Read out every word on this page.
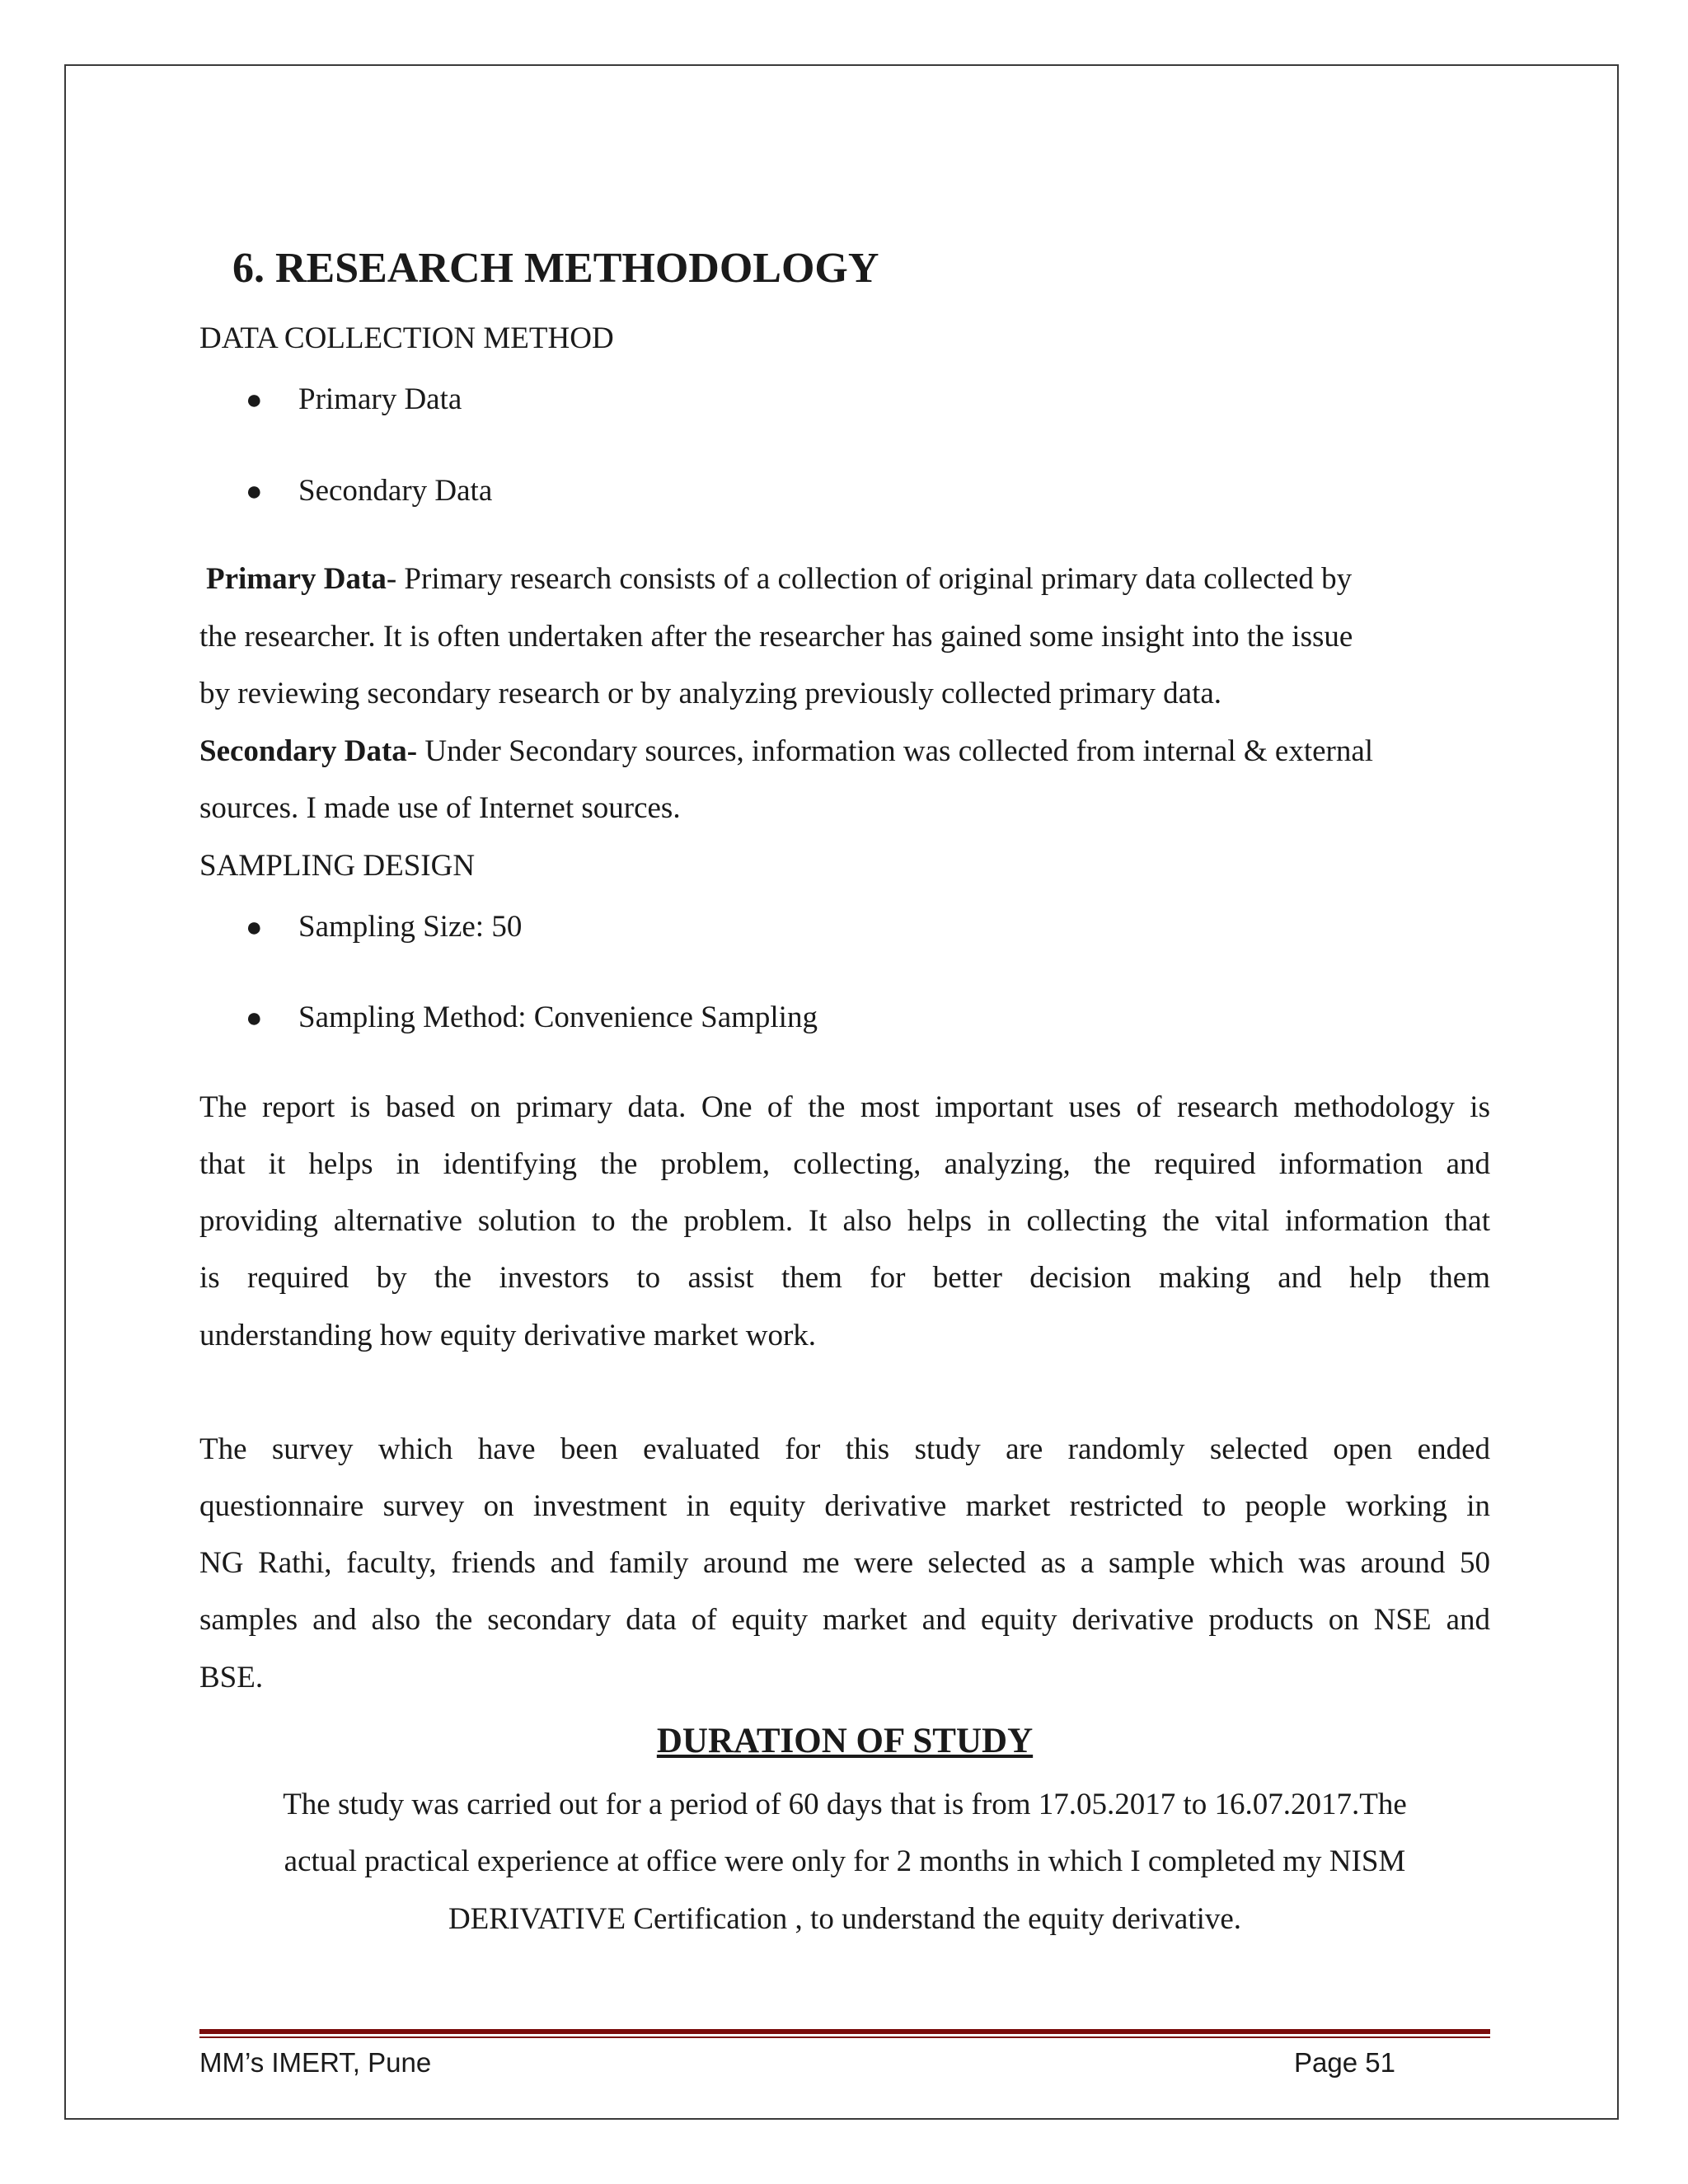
6. RESEARCH METHODOLOGY
DATA COLLECTION METHOD
● Primary Data
● Secondary Data
Primary Data- Primary research consists of a collection of original primary data collected by
the researcher. It is often undertaken after the researcher has gained some insight into the issue
by reviewing secondary research or by analyzing previously collected primary data.
Secondary Data- Under Secondary sources, information was collected from internal & external
sources. I made use of Internet sources.
SAMPLING DESIGN
● Sampling Size: 50
● Sampling Method: Convenience Sampling
The report is based on primary data. One of the most important uses of research methodology is
that it helps in identifying the problem, collecting, analyzing, the required information and
providing alternative solution to the problem. It also helps in collecting the vital information that
is required by the investors to assist them for better decision making and help them
understanding how equity derivative market work.
The survey which have been evaluated for this study are randomly selected open ended
questionnaire survey on investment in equity derivative market restricted to people working in
NG Rathi, faculty, friends and family around me were selected as a sample which was around 50
samples and also the secondary data of equity market and equity derivative products on NSE and
BSE.
DURATION OF STUDY
The study was carried out for a period of 60 days that is from 17.05.2017 to 16.07.2017.The
actual practical experience at office were only for 2 months in which I completed my NISM
DERIVATIVE Certification , to understand the equity derivative.
MM’s IMERT, Pune	Page 51
